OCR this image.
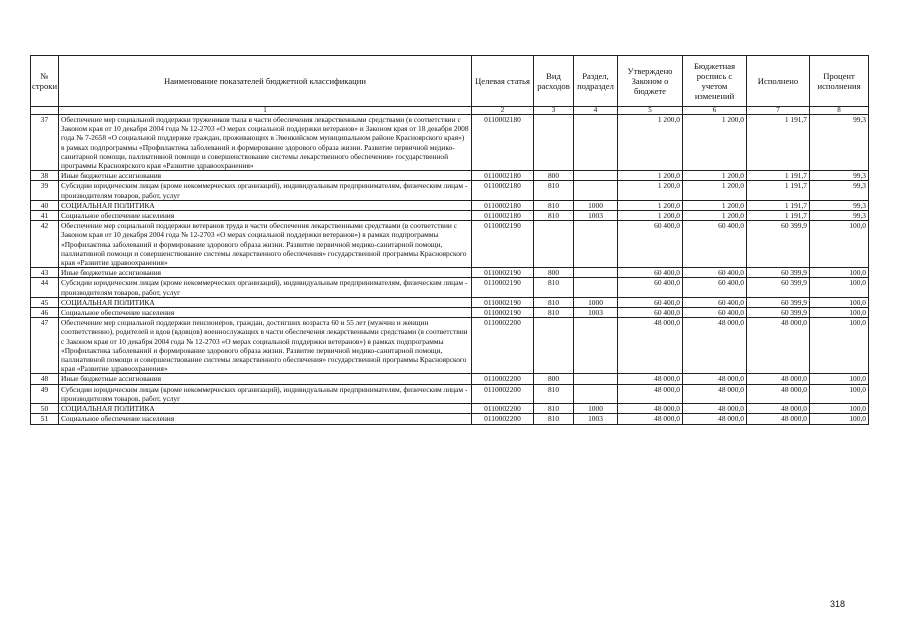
№ строки	Наименование показателей бюджетной классификации	Целевая статья	Вид расходов	Раздел, подраздел	Утверждено Законом о бюджете	Бюджетная роспись с учетом изменений	Исполнено	Процент исполнения
	1	2	3	4	5	6	7	8
37	Обеспечение мер социальной поддержки тружеников тыла в части обеспечения лекарственными средствами (в соответствии с Законом края от 10 декабря 2004 года № 12-2703 «О мерах социальной поддержки ветеранов» и Законом края от 18 декабря 2008 года № 7-2658 «О социальной поддержке граждан, проживающих в Эвенкийском муниципальном районе Красноярского края») в рамках подпрограммы «Профилактика заболеваний и формирование здорового образа жизни. Развитие первичной медико-санитарной помощи, паллиативной помощи и совершенствование системы лекарственного обеспечения» государственной программы Красноярского края «Развитие здравоохранения»	0110002180			1 200,0	1 200,0	1 191,7	99,3
38	Иные бюджетные ассигнования	0110002180	800		1 200,0	1 200,0	1 191,7	99,3
39	Субсидии юридическим лицам (кроме некоммерческих организаций), индивидуальным предпринимателям, физическим лицам - производителям товаров, работ, услуг	0110002180	810		1 200,0	1 200,0	1 191,7	99,3
40	СОЦИАЛЬНАЯ ПОЛИТИКА	0110002180	810	1000	1 200,0	1 200,0	1 191,7	99,3
41	Социальное обеспечение населения	0110002180	810	1003	1 200,0	1 200,0	1 191,7	99,3
42	Обеспечение мер социальной поддержки ветеранов труда в части обеспечения лекарственными средствами (в соответствии с Законом края от 10 декабря 2004 года № 12-2703 «О мерах социальной поддержки ветеранов») в рамках подпрограммы «Профилактика заболеваний и формирование здорового образа жизни. Развитие первичной медико-санитарной помощи, паллиативной помощи и совершенствование системы лекарственного обеспечения» государственной программы Красноярского края «Развитие здравоохранения»	0110002190			60 400,0	60 400,0	60 399,9	100,0
43	Иные бюджетные ассигнования	0110002190	800		60 400,0	60 400,0	60 399,9	100,0
44	Субсидии юридическим лицам (кроме некоммерческих организаций), индивидуальным предпринимателям, физическим лицам - производителям товаров, работ, услуг	0110002190	810		60 400,0	60 400,0	60 399,9	100,0
45	СОЦИАЛЬНАЯ ПОЛИТИКА	0110002190	810	1000	60 400,0	60 400,0	60 399,9	100,0
46	Социальное обеспечение населения	0110002190	810	1003	60 400,0	60 400,0	60 399,9	100,0
47	Обеспечение мер социальной поддержки пенсионеров, граждан, достигших возраста 60 и 55 лет (мужчин и женщин соответственно), родителей и вдов (вдовцов) военнослужащих в части обеспечения лекарственными средствами (в соответствии с Законом края от 10 декабря 2004 года № 12-2703 «О мерах социальной поддержки ветеранов») в рамках подпрограммы «Профилактика заболеваний и формирование здорового образа жизни. Развитие первичной медико-санитарной помощи, паллиативной помощи и совершенствование системы лекарственного обеспечения» государственной программы Красноярского края «Развитие здравоохранения»	0110002200			48 000,0	48 000,0	48 000,0	100,0
48	Иные бюджетные ассигнования	0110002200	800		48 000,0	48 000,0	48 000,0	100,0
49	Субсидии юридическим лицам (кроме некоммерческих организаций), индивидуальным предпринимателям, физическим лицам - производителям товаров, работ, услуг	0110002200	810		48 000,0	48 000,0	48 000,0	100,0
50	СОЦИАЛЬНАЯ ПОЛИТИКА	0110002200	810	1000	48 000,0	48 000,0	48 000,0	100,0
51	Социальное обеспечение населения	0110002200	810	1003	48 000,0	48 000,0	48 000,0	100,0
318
